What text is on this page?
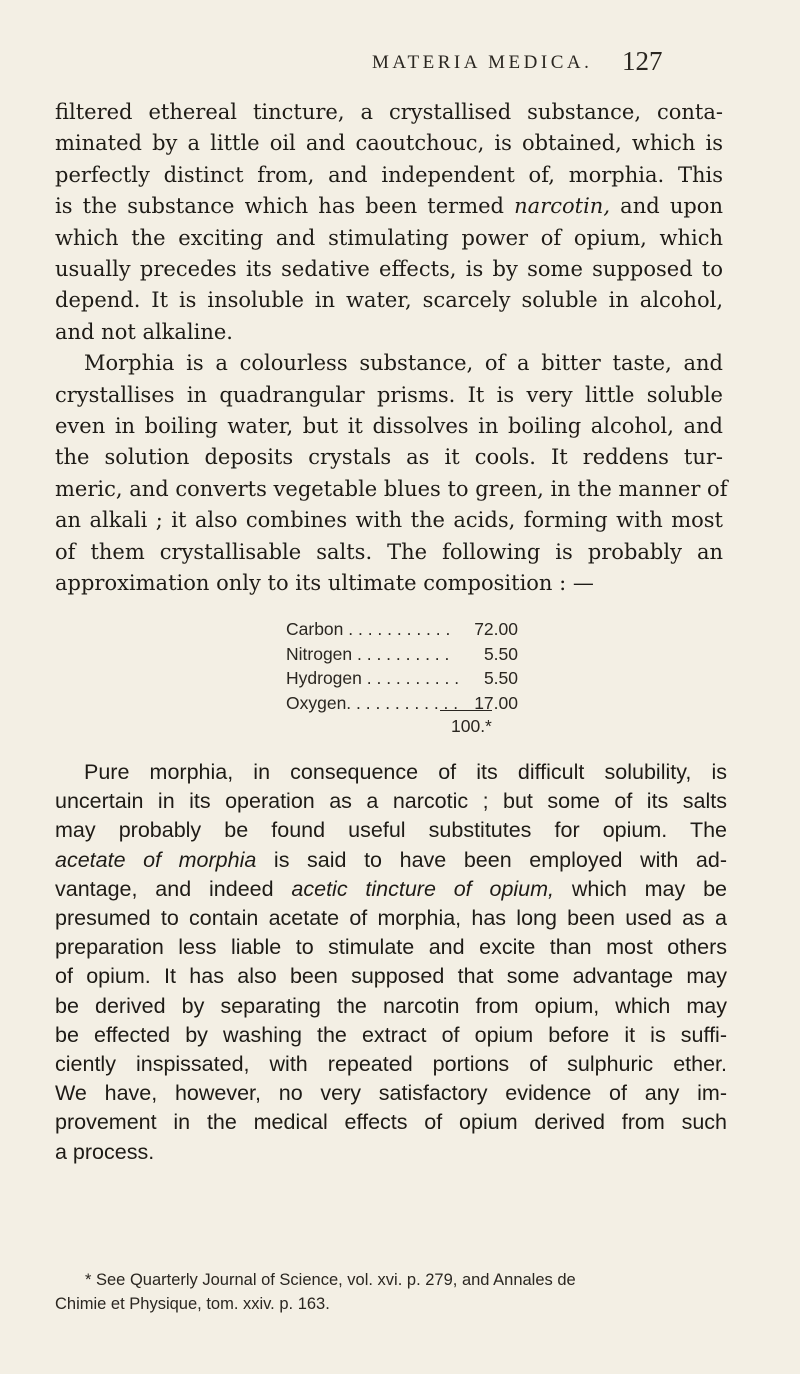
MATERIA MEDICA. 127
filtered ethereal tincture, a crystallised substance, conta-
minated by a little oil and caoutchouc, is obtained, which is
perfectly distinct from, and independent of, morphia. This
is the substance which has been termed narcotin, and upon
which the exciting and stimulating power of opium, which
usually precedes its sedative effects, is by some supposed to
depend. It is insoluble in water, scarcely soluble in alcohol,
and not alkaline.
Morphia is a colourless substance, of a bitter taste, and
crystallises in quadrangular prisms. It is very little soluble
even in boiling water, but it dissolves in boiling alcohol, and
the solution deposits crystals as it cools. It reddens tur-
meric, and converts vegetable blues to green, in the manner of
an alkali ; it also combines with the acids, forming with most
of them crystallisable salts. The following is probably an
approximation only to its ultimate composition : —
Carbon . . . . . . . . . . .	72.00
Nitrogen . . . . . . . . . .	5.50
Hydrogen . . . . . . . . . .	5.50
Oxygen. . . . . . . . . . . . 17.00
100.*
Pure morphia, in consequence of its difficult solubility, is
uncertain in its operation as a narcotic ; but some of its salts
may probably be found useful substitutes for opium. The
acetate of morphia is said to have been employed with ad-
vantage, and indeed acetic tincture of opium, which may be
presumed to contain acetate of morphia, has long been used as a
preparation less liable to stimulate and excite than most others
of opium. It has also been supposed that some advantage may
be derived by separating the narcotin from opium, which may
be effected by washing the extract of opium before it is suffi-
ciently inspissated, with repeated portions of sulphuric ether.
We have, however, no very satisfactory evidence of any im-
provement in the medical effects of opium derived from such
a process.
* See Quarterly Journal of Science, vol. xvi. p. 279, and Annales de
Chimie et Physique, tom. xxiv. p. 163.
